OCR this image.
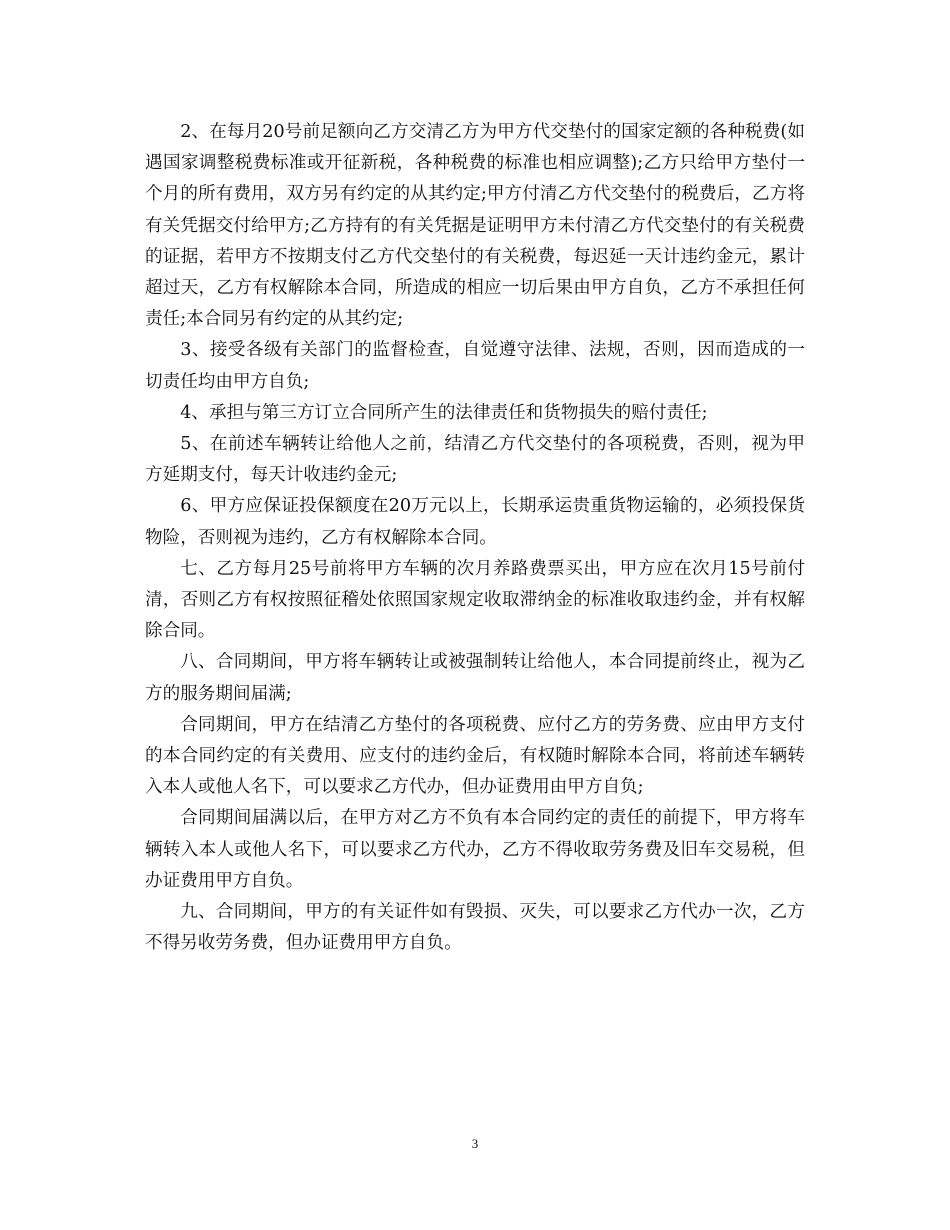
2、在每月20号前足额向乙方交清乙方为甲方代交垫付的国家定额的各种税费(如遇国家调整税费标准或开征新税，各种税费的标准也相应调整);乙方只给甲方垫付一个月的所有费用，双方另有约定的从其约定;甲方付清乙方代交垫付的税费后，乙方将有关凭据交付给甲方;乙方持有的有关凭据是证明甲方未付清乙方代交垫付的有关税费的证据，若甲方不按期支付乙方代交垫付的有关税费，每迟延一天计违约金元，累计超过天，乙方有权解除本合同，所造成的相应一切后果由甲方自负，乙方不承担任何责任;本合同另有约定的从其约定;

3、接受各级有关部门的监督检查，自觉遵守法律、法规，否则，因而造成的一切责任均由甲方自负;

4、承担与第三方订立合同所产生的法律责任和货物损失的赔付责任;

5、在前述车辆转让给他人之前，结清乙方代交垫付的各项税费，否则，视为甲方延期支付，每天计收违约金元;

6、甲方应保证投保额度在20万元以上，长期承运贵重货物运输的，必须投保货物险，否则视为违约，乙方有权解除本合同。

七、乙方每月25号前将甲方车辆的次月养路费票买出，甲方应在次月15号前付清，否则乙方有权按照征稽处依照国家规定收取滞纳金的标准收取违约金，并有权解除合同。

八、合同期间，甲方将车辆转让或被强制转让给他人，本合同提前终止，视为乙方的服务期间届满;

合同期间，甲方在结清乙方垫付的各项税费、应付乙方的劳务费、应由甲方支付的本合同约定的有关费用、应支付的违约金后，有权随时解除本合同，将前述车辆转入本人或他人名下，可以要求乙方代办，但办证费用由甲方自负;

合同期间届满以后，在甲方对乙方不负有本合同约定的责任的前提下，甲方将车辆转入本人或他人名下，可以要求乙方代办，乙方不得收取劳务费及旧车交易税，但办证费用甲方自负。

九、合同期间，甲方的有关证件如有毁损、灭失，可以要求乙方代办一次，乙方不得另收劳务费，但办证费用甲方自负。

3
